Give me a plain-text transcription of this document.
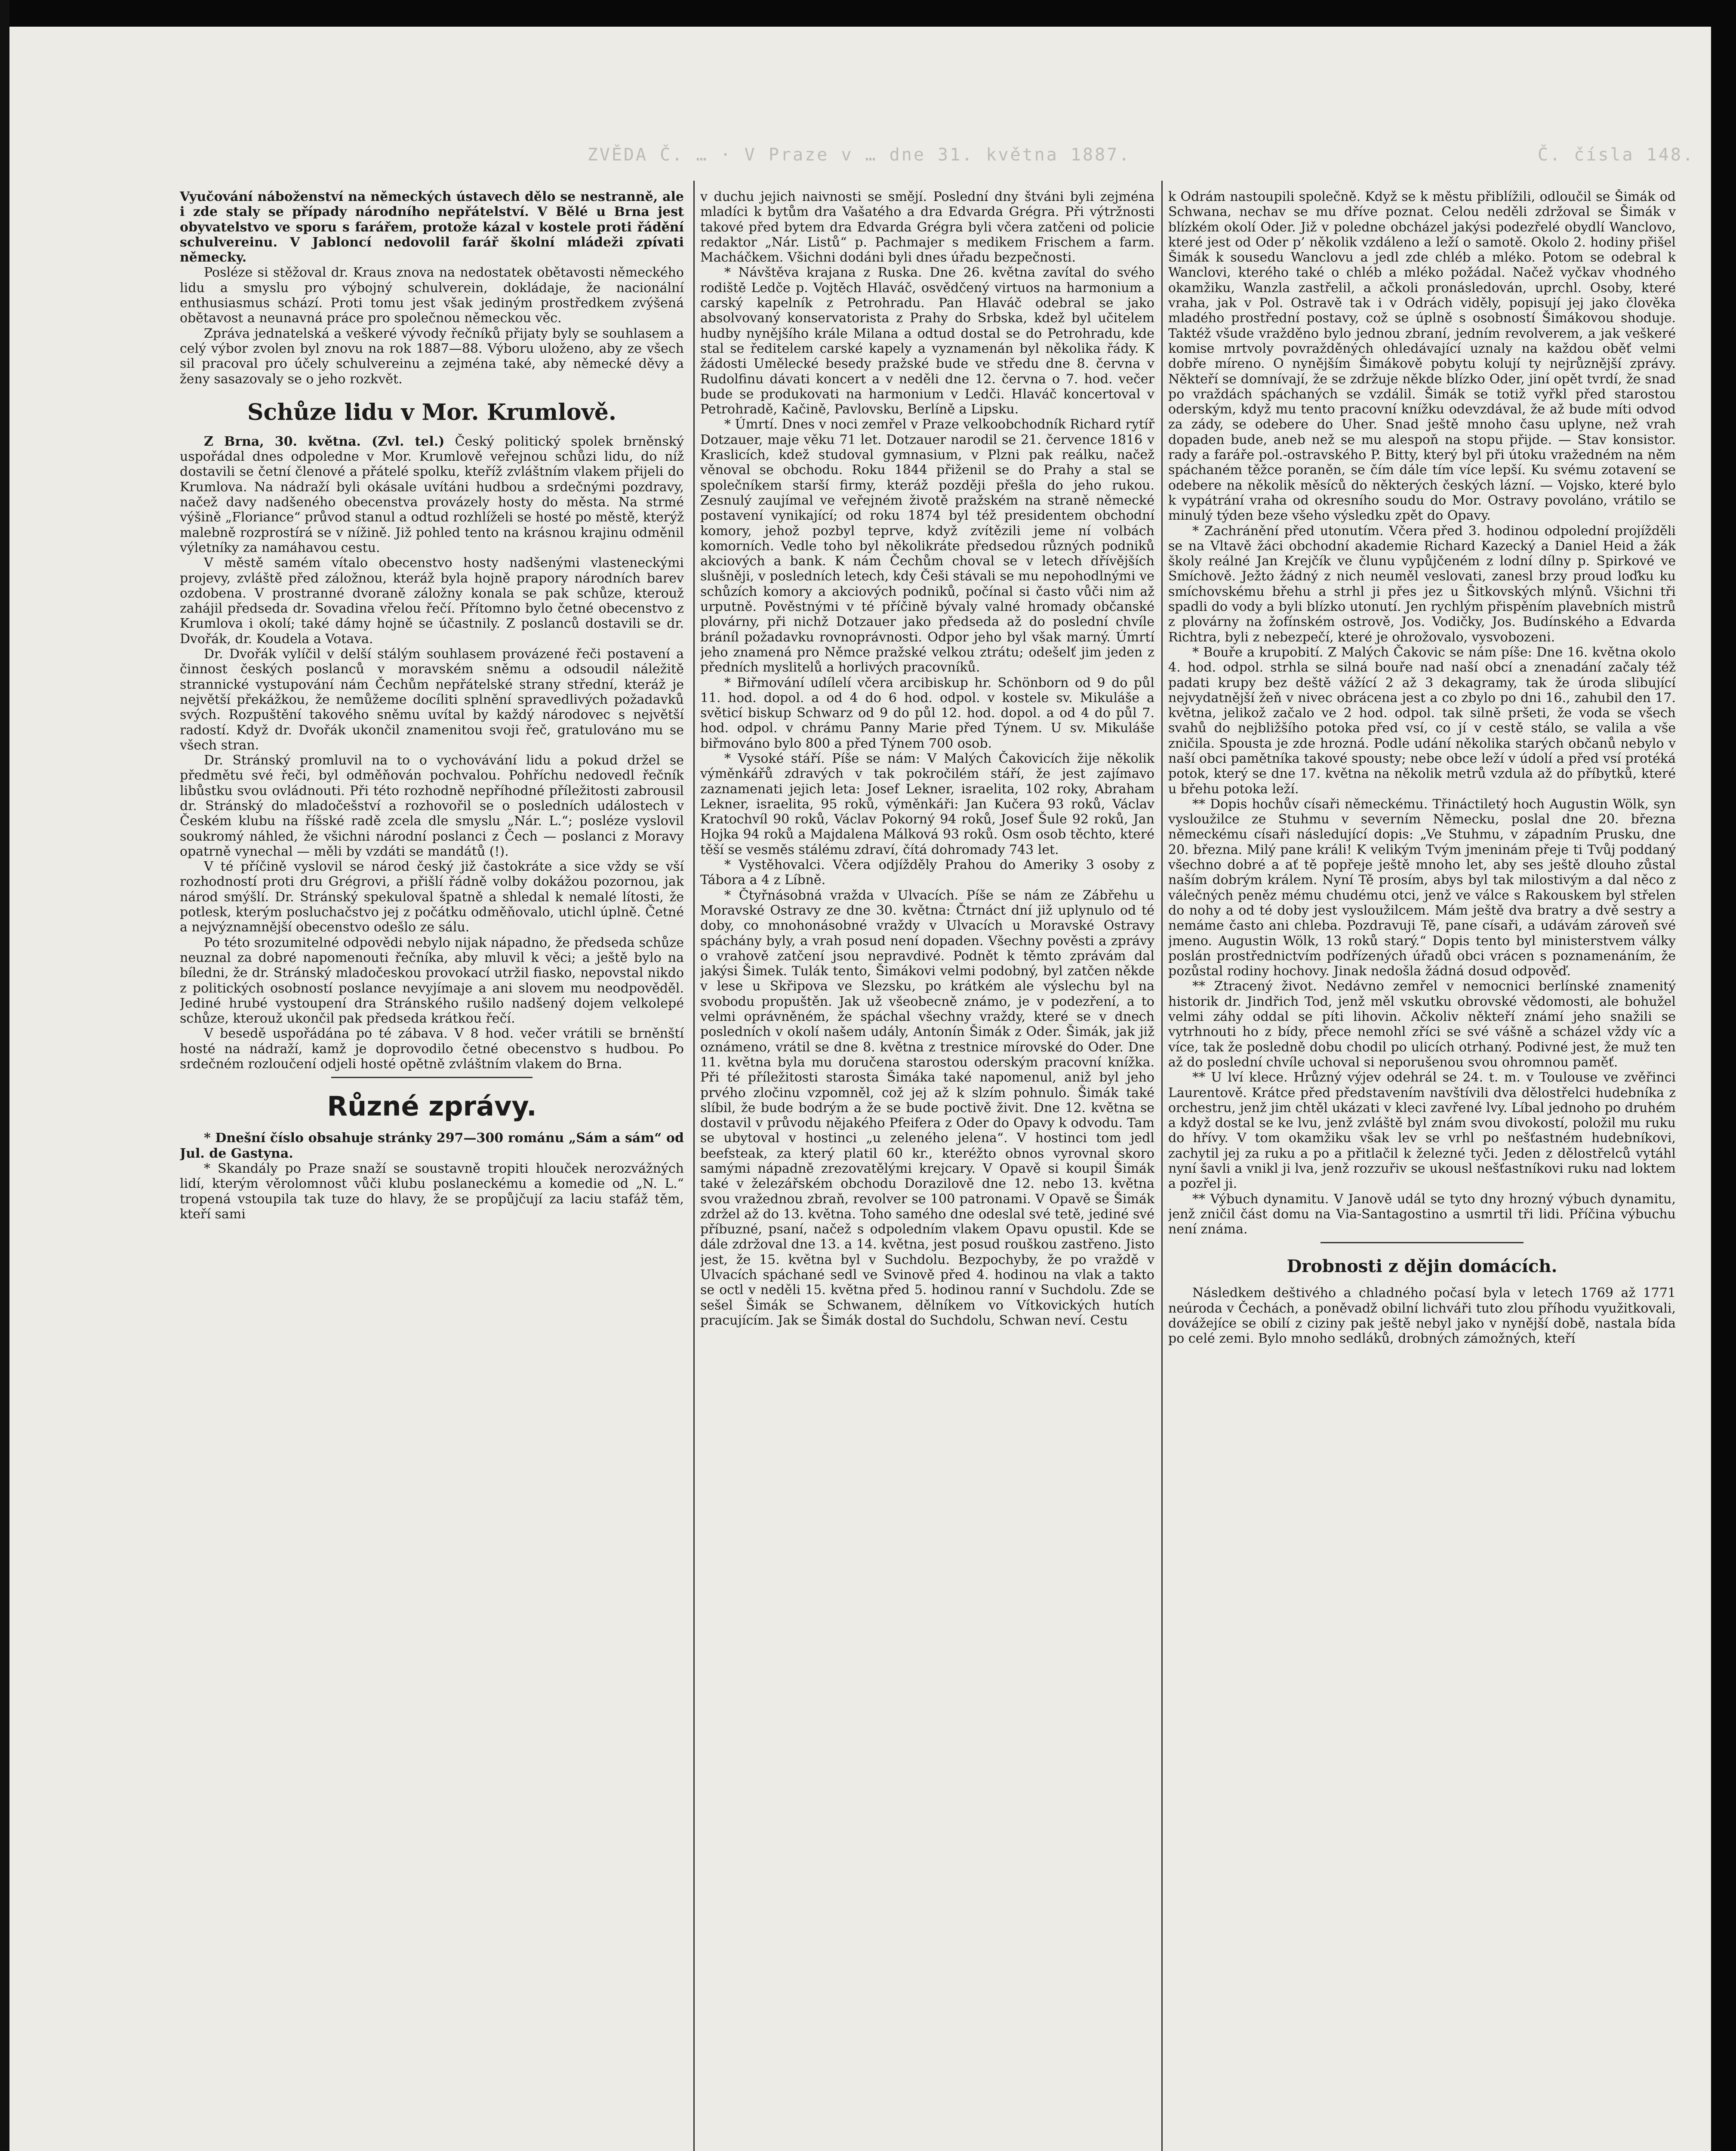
ZVĚDA Č. … · V Praze v … dne 31. května 1887.	Č. čísla 148.

Vyučování náboženství na německých ústavech dělo se nestranně, ale i zde staly se případy národního nepřátelství. V Bělé u Brna jest obyvatelstvo ve sporu s farářem, protože kázal v kostele proti řádění schulvereinu. V Jabloncí nedovolil farář školní mládeži zpívati německy.

Posléze si stěžoval dr. Kraus znova na nedostatek obětavosti německého lidu a smyslu pro výbojný schulverein, dokládaje, že nacionální enthusiasmus schází. Proti tomu jest však jediným prostředkem zvýšená obětavost a neunavná práce pro společnou německou věc.

Zpráva jednatelská a veškeré vývody řečníků přijaty byly se souhlasem a celý výbor zvolen byl znovu na rok 1887—88. Výboru uloženo, aby ze všech sil pracoval pro účely schulvereinu a zejména také, aby německé děvy a ženy sasazovaly se o jeho rozkvět.

Schůze lidu v Mor. Krumlově.

Z Brna, 30. května. (Zvl. tel.) Český politický spolek brněnský uspořádal dnes odpoledne v Mor. Krumlově veřejnou schůzi lidu, do níž dostavili se četní členové a přátelé spolku, kteříž zvláštním vlakem přijeli do Krumlova. Na nádraží byli okásale uvítáni hudbou a srdečnými pozdravy, načež davy nadšeného obecenstva provázely hosty do města. Na strmé výšině „Floriance“ průvod stanul a odtud rozhlíželi se hosté po městě, kterýž malebně rozprostírá se v nížině. Již pohled tento na krásnou krajinu odměnil výletníky za namáhavou cestu.

V městě samém vítalo obecenstvo hosty nadšenými vlasteneckými projevy, zvláště před záložnou, kteráž byla hojně prapory národních barev ozdobena. V prostranné dvoraně záložny konala se pak schůze, kterouž zahájil předseda dr. Sovadina vřelou řečí. Přítomno bylo četné obecenstvo z Krumlova i okolí; také dámy hojně se účastnily. Z poslanců dostavili se dr. Dvořák, dr. Koudela a Votava.

Dr. Dvořák vylíčil v delší stálým souhlasem provázené řeči postavení a činnost českých poslanců v moravském sněmu a odsoudil náležitě strannické vystupování nám Čechům nepřátelské strany střední, kteráž je největší překážkou, že nemůžeme docíliti splnění spravedlivých požadavků svých. Rozpuštění takového sněmu uvítal by každý národovec s největší radostí. Když dr. Dvořák ukončil znamenitou svoji řeč, gratulováno mu se všech stran.

Dr. Stránský promluvil na to o vychovávání lidu a pokud držel se předmětu své řeči, byl odměňován pochvalou. Pohříchu nedovedl řečník libůstku svou ovládnouti. Při této rozhodně nepříhodné příležitosti zabrousil dr. Stránský do mladočešství a rozhovořil se o posledních událostech v Českém klubu na říšské radě zcela dle smyslu „Nár. L.“; posléze vyslovil soukromý náhled, že všichni národní poslanci z Čech — poslanci z Moravy opatrně vynechal — měli by vzdáti se mandátů (!).

V té příčině vyslovil se národ český již častokráte a sice vždy se vší rozhodností proti dru Grégrovi, a přišlí řádně volby dokážou pozornou, jak národ smýšlí. Dr. Stránský spekuloval špatně a shledal k nemalé lítosti, že potlesk, kterým posluchačstvo jej z počátku odměňovalo, utichl úplně. Četné a nejvýznamnější obecenstvo odešlo ze sálu.

Po této srozumitelné odpovědi nebylo nijak nápadno, že předseda schůze neuznal za dobré napomenouti řečníka, aby mluvil k věci; a ještě bylo na bíledni, že dr. Stránský mladočeskou provokací utržil fiasko, nepovstal nikdo z politických osobností poslance nevyjímaje a ani slovem mu neodpověděl. Jediné hrubé vystoupení dra Stránského rušilo nadšený dojem velkolepé schůze, kterouž ukončil pak předseda krátkou řečí.

V besedě uspořádána po té zábava. V 8 hod. večer vrátili se brněnští hosté na nádraží, kamž je doprovodilo četné obecenstvo s hudbou. Po srdečném rozloučení odjeli hosté opětně zvláštním vlakem do Brna.

Různé zprávy.

* Dnešní číslo obsahuje stránky 297—300 románu „Sám a sám“ od Jul. de Gastyna.

* Skandály po Praze snaží se soustavně tropiti hlouček nerozvážných lidí, kterým věrolomnost vůči klubu poslaneckému a komedie od „N. L.“ tropená vstoupila tak tuze do hlavy, že se propůjčují za laciu stafáž těm, kteří sami

v duchu jejich naivnosti se smějí. Poslední dny štváni byli zejména mladíci k bytům dra Vašatého a dra Edvarda Grégra. Při výtržnosti takové před bytem dra Edvarda Grégra byli včera zatčeni od policie redaktor „Nár. Listů“ p. Pachmajer s medikem Frischem a farm. Macháčkem. Všichni dodáni byli dnes úřadu bezpečnosti.

* Návštěva krajana z Ruska. Dne 26. května zavítal do svého rodiště Ledče p. Vojtěch Hlaváč, osvědčený virtuos na harmonium a carský kapelník z Petrohradu. Pan Hlaváč odebral se jako absolvovaný konservatorista z Prahy do Srbska, kdež byl učitelem hudby nynějšího krále Milana a odtud dostal se do Petrohradu, kde stal se ředitelem carské kapely a vyznamenán byl několika řády. K žádosti Umělecké besedy pražské bude ve středu dne 8. června v Rudolfinu dávati koncert a v neděli dne 12. června o 7. hod. večer bude se produkovati na harmonium v Ledči. Hlaváč koncertoval v Petrohradě, Kačině, Pavlovsku, Berlíně a Lipsku.

* Úmrtí. Dnes v noci zemřel v Praze velkoobchodník Richard rytíř Dotzauer, maje věku 71 let. Dotzauer narodil se 21. července 1816 v Kraslicích, kdež studoval gymnasium, v Plzni pak reálku, načež věnoval se obchodu. Roku 1844 přiženil se do Prahy a stal se společníkem starší firmy, kteráž později přešla do jeho rukou. Zesnulý zaujímal ve veřejném životě pražském na straně německé postavení vynikající; od roku 1874 byl též presidentem obchodní komory, jehož pozbyl teprve, když zvítězili jeme ní volbách komorních. Vedle toho byl několikráte předsedou různých podniků akciových a bank. K nám Čechům choval se v letech dřívějších slušněji, v posledních letech, kdy Češi stávali se mu nepohodlnými ve schůzích komory a akciových podniků, počínal si často vůči nim až urputně. Pověstnými v té příčině bývaly valné hromady občanské plovárny, při nichž Dotzauer jako předseda až do poslední chvíle bráníl požadavku rovnoprávnosti. Odpor jeho byl však marný. Úmrtí jeho znamená pro Němce pražské velkou ztrátu; odešelť jim jeden z předních myslitelů a horlivých pracovníků.

* Biřmování udílelí včera arcibiskup hr. Schönborn od 9 do půl 11. hod. dopol. a od 4 do 6 hod. odpol. v kostele sv. Mikuláše a světicí biskup Schwarz od 9 do půl 12. hod. dopol. a od 4 do půl 7. hod. odpol. v chrámu Panny Marie před Týnem. U sv. Mikuláše biřmováno bylo 800 a před Týnem 700 osob.

* Vysoké stáří. Píše se nám: V Malých Čakovicích žije několik výměnkářů zdravých v tak pokročilém stáří, že jest zajímavo zaznamenati jejich leta: Josef Lekner, israelita, 102 roky, Abraham Lekner, israelita, 95 roků, výměnkáři: Jan Kučera 93 roků, Václav Kratochvíl 90 roků, Václav Pokorný 94 roků, Josef Šule 92 roků, Jan Hojka 94 roků a Majdalena Málková 93 roků. Osm osob těchto, které těší se vesměs stálému zdraví, čítá dohromady 743 let.

* Vystěhovalci. Včera odjížděly Prahou do Ameriky 3 osoby z Tábora a 4 z Líbně.

* Čtyřnásobná vražda v Ulvacích. Píše se nám ze Zábřehu u Moravské Ostravy ze dne 30. května: Čtrnáct dní již uplynulo od té doby, co mnohonásobné vraždy v Ulvacích u Moravské Ostravy spáchány byly, a vrah posud není dopaden. Všechny pověsti a zprávy o vrahově zatčení jsou nepravdivé. Podnět k těmto zprávám dal jakýsi Šimek. Tulák tento, Šimákovi velmi podobný, byl zatčen někde v lese u Skřipova ve Slezsku, po krátkém ale výslechu byl na svobodu propuštěn. Jak už všeobecně známo, je v podezření, a to velmi oprávněném, že spáchal všechny vraždy, které se v dnech posledních v okolí našem udály, Antonín Šimák z Oder. Šimák, jak již oznámeno, vrátil se dne 8. května z trestnice mírovské do Oder. Dne 11. května byla mu doručena starostou oderským pracovní knížka. Při té příležitosti starosta Šimáka také napomenul, aniž byl jeho prvého zločinu vzpomněl, což jej až k slzím pohnulo. Šimák také slíbil, že bude bodrým a že se bude poctivě živit. Dne 12. května se dostavil v průvodu nějakého Pfeifera z Oder do Opavy k odvodu. Tam se ubytoval v hostinci „u zeleného jelena“. V hostinci tom jedl beefsteak, za který platil 60 kr., kteréžto obnos vyrovnal skoro samými nápadně zrezovatělými krejcary. V Opavě si koupil Šimák také v železářském obchodu Dorazilově dne 12. nebo 13. května svou vražednou zbraň, revolver se 100 patronami. V Opavě se Šimák zdržel až do 13. května. Toho samého dne odeslal své tetě, jediné své příbuzné, psaní, načež s odpoledním vlakem Opavu opustil. Kde se dále zdržoval dne 13. a 14. května, jest posud rouškou zastřeno. Jisto jest, že 15. května byl v Suchdolu. Bezpochyby, že po vraždě v Ulvacích spáchané sedl ve Svinově před 4. hodinou na vlak a takto se octl v neděli 15. května před 5. hodinou ranní v Suchdolu. Zde se sešel Šimák se Schwanem, dělníkem vo Vítkovických hutích pracujícím. Jak se Šimák dostal do Suchdolu, Schwan neví. Cestu

k Odrám nastoupili společně. Když se k městu přiblížili, odloučil se Šimák od Schwana, nechav se mu dříve poznat. Celou neděli zdržoval se Šimák v blízkém okolí Oder. Již v poledne obcházel jakýsi podezřelé obydlí Wanclovo, které jest od Oder p’ několik vzdáleno a leží o samotě. Okolo 2. hodiny přišel Šimák k sousedu Wanclovu a jedl zde chléb a mléko. Potom se odebral k Wanclovi, kterého také o chléb a mléko požádal. Načež vyčkav vhodného okamžiku, Wanzla zastřelil, a ačkoli pronásledován, uprchl. Osoby, které vraha, jak v Pol. Ostravě tak i v Odrách viděly, popisují jej jako člověka mladého prostřední postavy, což se úplně s osobností Šimákovou shoduje. Taktéž všude vražděno bylo jednou zbraní, jedním revolverem, a jak veškeré komise mrtvoly povražděných ohledávající uznaly na každou oběť velmi dobře míreno. O nynějším Šimákově pobytu kolují ty nejrůznější zprávy. Někteří se domnívají, že se zdržuje někde blízko Oder, jiní opět tvrdí, že snad po vraždách spáchaných se vzdálil. Šimák se totiž vyřkl před starostou oderským, když mu tento pracovní knížku odevzdával, že až bude míti odvod za zády, se odebere do Uher. Snad ještě mnoho času uplyne, než vrah dopaden bude, aneb než se mu alespoň na stopu přijde. — Stav konsistor. rady a faráře pol.-ostravského P. Bitty, který byl při útoku vražedném na něm spáchaném těžce poraněn, se čím dále tím více lepší. Ku svému zotavení se odebere na několik měsíců do některých českých lázní. — Vojsko, které bylo k vypátrání vraha od okresního soudu do Mor. Ostravy povoláno, vrátilo se minulý týden beze všeho výsledku zpět do Opavy.

* Zachránění před utonutím. Včera před 3. hodinou odpolední projížděli se na Vltavě žáci obchodní akademie Richard Kazecký a Daniel Heid a žák školy reálné Jan Krejčík ve člunu vypůjčeném z lodní dílny p. Spirkové ve Smíchově. Ježto žádný z nich neuměl veslovati, zanesl brzy proud loďku ku smíchovskému břehu a strhl ji přes jez u Šitkovských mlýnů. Všichni tři spadli do vody a byli blízko utonutí. Jen rychlým přispěním plavebních mistrů z plovárny na žofínském ostrově, Jos. Vodičky, Jos. Budínského a Edvarda Richtra, byli z nebezpečí, které je ohrožovalo, vysvobozeni.

* Bouře a krupobití. Z Malých Čakovic se nám píše: Dne 16. května okolo 4. hod. odpol. strhla se silná bouře nad naší obcí a znenadání začaly též padati krupy bez deště vážící 2 až 3 dekagramy, tak že úroda slibující nejvydatnější žeň v nivec obrácena jest a co zbylo po dni 16., zahubil den 17. května, jelikož začalo ve 2 hod. odpol. tak silně pršeti, že voda se všech svahů do nejbližšího potoka před vsí, co jí v cestě stálo, se valila a vše zničila. Spousta je zde hrozná. Podle udání několika starých občanů nebylo v naší obci pamětníka takové spousty; nebe obce leží v údolí a před vsí protéká potok, který se dne 17. května na několik metrů vzdula až do příbytků, které u břehu potoka leží.

** Dopis hochův císaři německému. Třináctiletý hoch Augustin Wölk, syn vysloužilce ze Stuhmu v severním Německu, poslal dne 20. března německému císaři následující dopis: „Ve Stuhmu, v západním Prusku, dne 20. března. Milý pane králi! K velikým Tvým jmeninám přeje ti Tvůj poddaný všechno dobré a ať tě popřeje ještě mnoho let, aby ses ještě dlouho zůstal naším dobrým králem. Nyní Tě prosím, abys byl tak milostivým a dal něco z válečných peněz mému chudému otci, jenž ve válce s Rakouskem byl střelen do nohy a od té doby jest vysloužilcem. Mám ještě dva bratry a dvě sestry a nemáme často ani chleba. Pozdravuji Tě, pane císaři, a udávám zároveň své jmeno. Augustin Wölk, 13 roků starý.“ Dopis tento byl ministerstvem války poslán prostřednictvím podřízených úřadů obci vrácen s poznamenáním, že pozůstal rodiny hochovy. Jinak nedošla žádná dosud odpověď.

** Ztracený život. Nedávno zemřel v nemocnici berlínské znamenitý historik dr. Jindřich Tod, jenž měl vskutku obrovské vědomosti, ale bohužel velmi záhy oddal se píti lihovin. Ačkoliv někteří známí jeho snažili se vytrhnouti ho z bídy, přece nemohl zříci se své vášně a scházel vždy víc a více, tak že posledně dobu chodil po ulicích otrhaný. Podivné jest, že muž ten až do poslední chvíle uchoval si neporušenou svou ohromnou paměť.

** U lví klece. Hrůzný výjev odehrál se 24. t. m. v Toulouse ve zvěřinci Laurentově. Krátce před představením navštívili dva dělostřelci hudebníka z orchestru, jenž jim chtěl ukázati v kleci zavřené lvy. Líbal jednoho po druhém a když dostal se ke lvu, jenž zvláště byl znám svou divokostí, položil mu ruku do hřívy. V tom okamžiku však lev se vrhl po nešťastném hudebníkovi, zachytil jej za ruku a po a přitlačil k železné tyči. Jeden z dělostřelců vytáhl nyní šavli a vnikl ji lva, jenž rozzuřiv se ukousl nešťastníkovi ruku nad loktem a pozřel ji.

** Výbuch dynamitu. V Janově udál se tyto dny hrozný výbuch dynamitu, jenž zničil část domu na Via-Santagostino a usmrtil tři lidi. Příčina výbuchu není známa.

Drobnosti z dějin domácích.

Následkem deštivého a chladného počasí byla v letech 1769 až 1771 neúroda v Čechách, a poněvadž obilní lichváři tuto zlou příhodu využitkovali, dovážejíce se obilí z ciziny pak ještě nebyl jako v nynější době, nastala bída po celé zemi. Bylo mnoho sedláků, drobných zámožných, kteří
